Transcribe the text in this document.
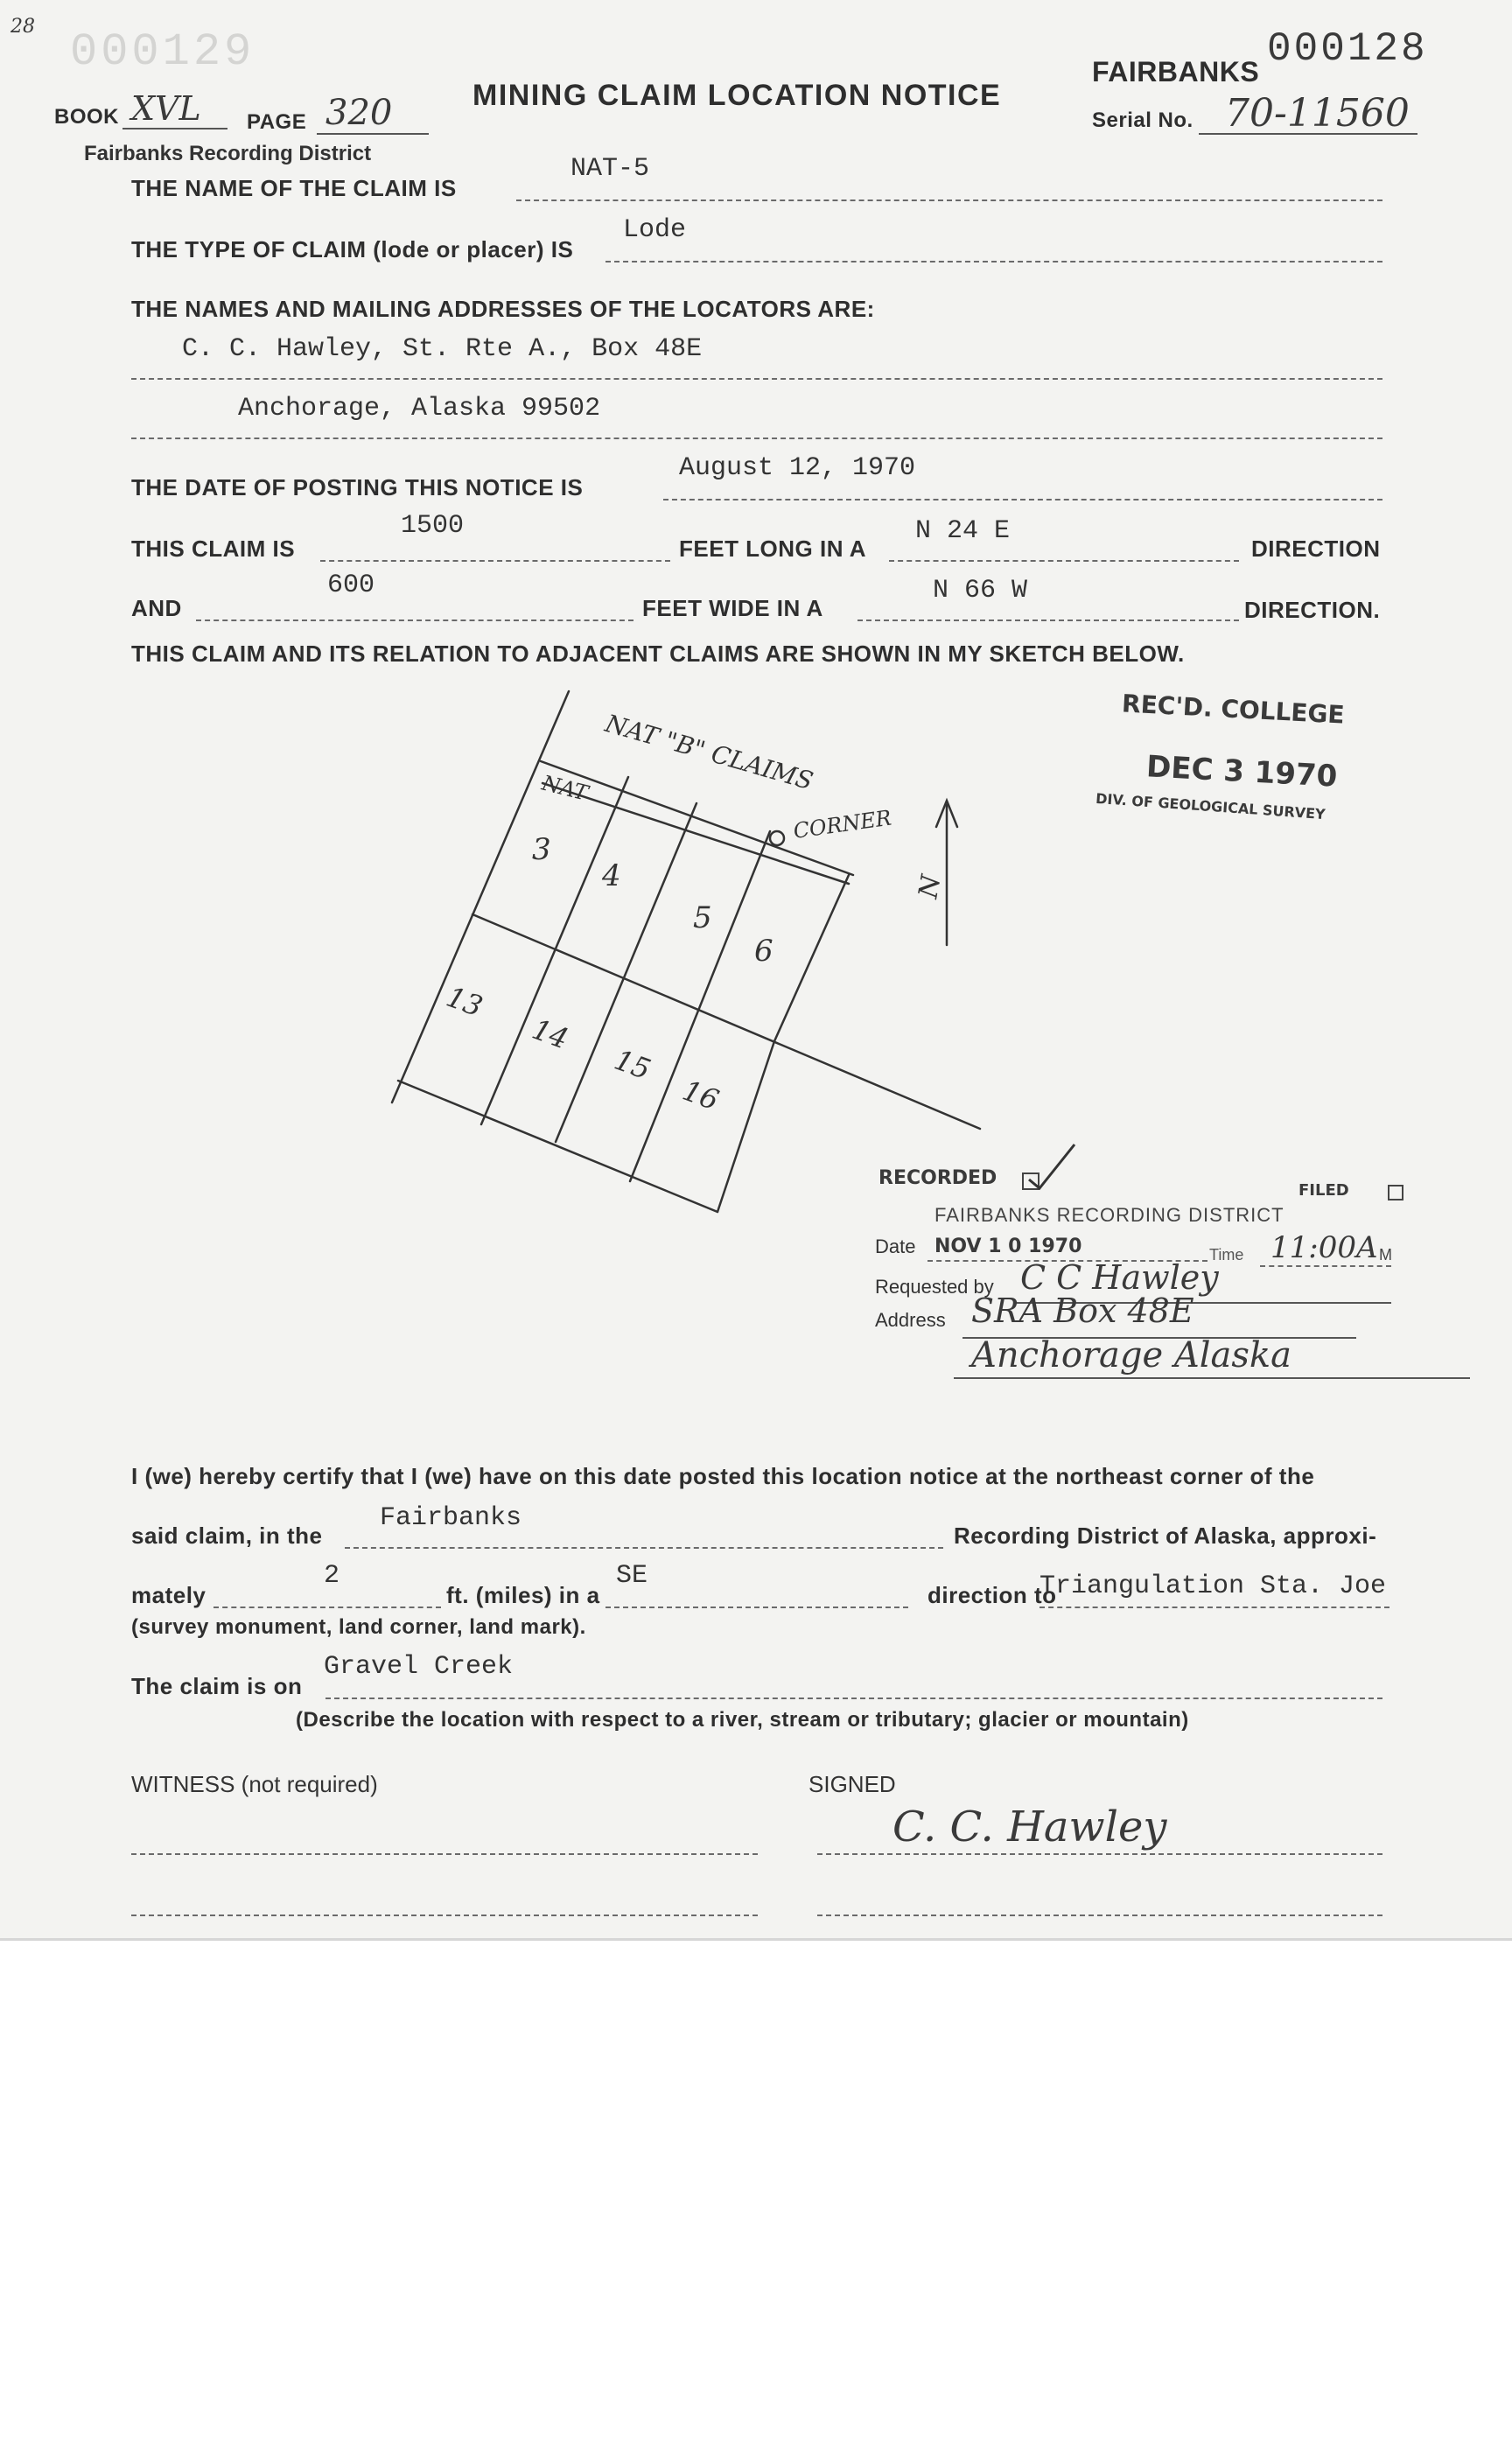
28 000129
MINING CLAIM LOCATION NOTICE
BOOK XVL PAGE 320
Fairbanks Recording District
FAIRBANKS 000128
Serial No. 70-11560
THE NAME OF THE CLAIM IS
NAT-5
THE TYPE OF CLAIM (lode or placer) IS
Lode
THE NAMES AND MAILING ADDRESSES OF THE LOCATORS ARE:
C. C. Hawley, St. Rte A., Box 48E
Anchorage, Alaska 99502
THE DATE OF POSTING THIS NOTICE IS
August 12, 1970
THIS CLAIM IS
1500
FEET LONG IN A
N 24 E
DIRECTION
AND
600
FEET WIDE IN A
N 66 W
DIRECTION.
THIS CLAIM AND ITS RELATION TO ADJACENT CLAIMS ARE SHOWN IN MY SKETCH BELOW.
NAT "B" CLAIMS
NAT
CORNER
N
3
4
5
6
13
14
15
16
REC'D. COLLEGE
DEC 3 1970
DIV. OF GEOLOGICAL SURVEY
RECORDED
FILED
FAIRBANKS RECORDING DISTRICT
Date NOV 1 0 1970	Time 11:00A M
Requested by C C Hawley
Address SRA Box 48E
Anchorage Alaska
I (we) hereby certify that I (we) have on this date posted this location notice at the northeast corner of the
said claim, in the
Fairbanks
Recording District of Alaska, approxi-
mately
2
ft. (miles) in a
SE
direction to
Triangulation Sta. Joe
(survey monument, land corner, land mark).
The claim is on
Gravel Creek
(Describe the location with respect to a river, stream or tributary; glacier or mountain)
WITNESS (not required)	SIGNED
C. C. Hawley
